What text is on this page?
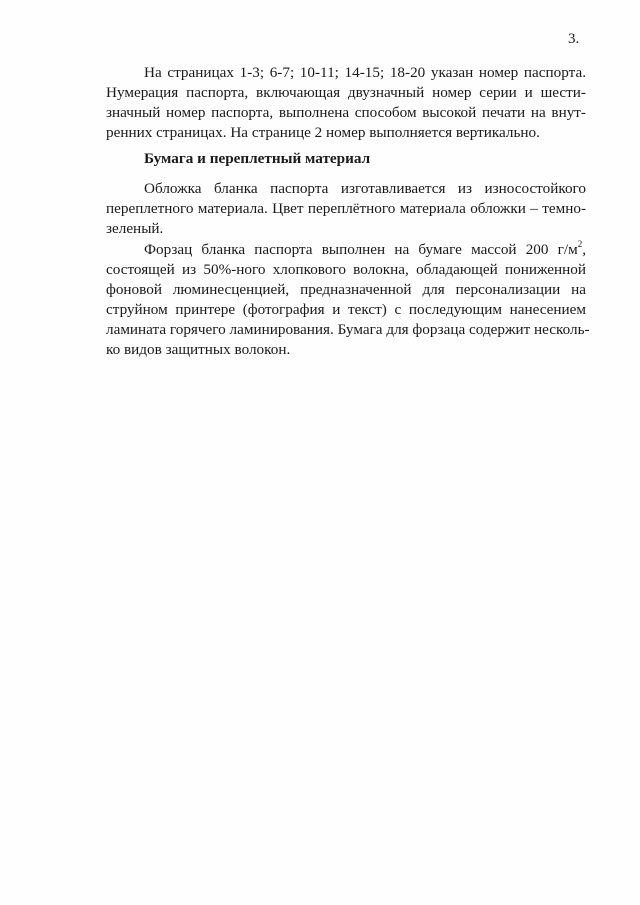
3.
На страницах 1-3; 6-7; 10-11; 14-15; 18-20 указан номер паспорта.
Нумерация паспорта, включающая двузначный номер серии и шести-
значный номер паспорта, выполнена способом высокой печати на внут-
ренних страницах. На странице 2 номер выполняется вертикально.
Бумага и переплетный материал
Обложка бланка паспорта изготавливается из износостойкого
переплетного материала. Цвет переплётного материала обложки – темно-
зеленый.
Форзац бланка паспорта выполнен на бумаге массой 200 $г/м^2$,
состоящей из 50%-ного хлопкового волокна, обладающей пониженной
фоновой люминесценцией, предназначенной для персонализации на
струйном принтере (фотография и текст) с последующим нанесением
ламината горячего ламинирования. Бумага для форзаца содержит несколь-
ко видов защитных волокон.
